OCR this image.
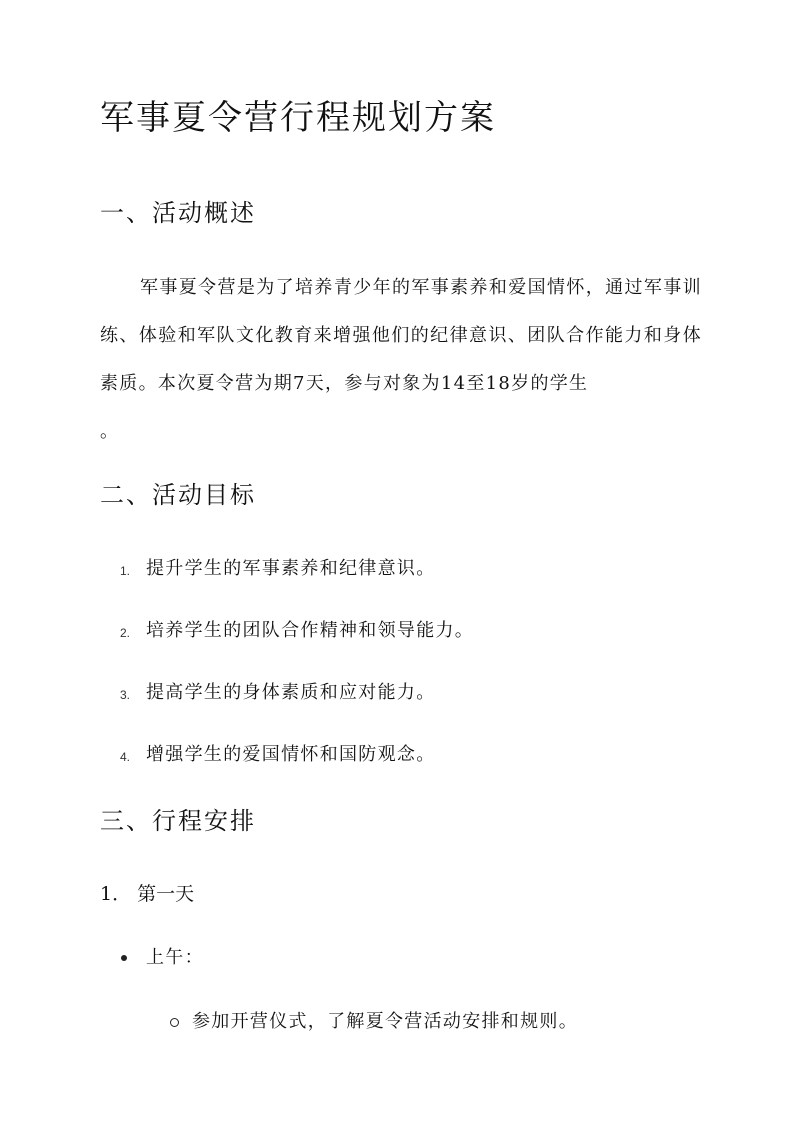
军事夏令营行程规划方案
一、活动概述

军事夏令营是为了培养青少年的军事素养和爱国情怀，通过军事训练、体验和军队文化教育来增强他们的纪律意识、团队合作能力和身体素质。本次夏令营为期7天，参与对象为14至18岁的学生
。

二、活动目标
1. 提升学生的军事素养和纪律意识。
2. 培养学生的团队合作精神和领导能力。
3. 提高学生的身体素质和应对能力。
4. 增强学生的爱国情怀和国防观念。
三、行程安排
1． 第一天
上午：
参加开营仪式，了解夏令营活动安排和规则。
